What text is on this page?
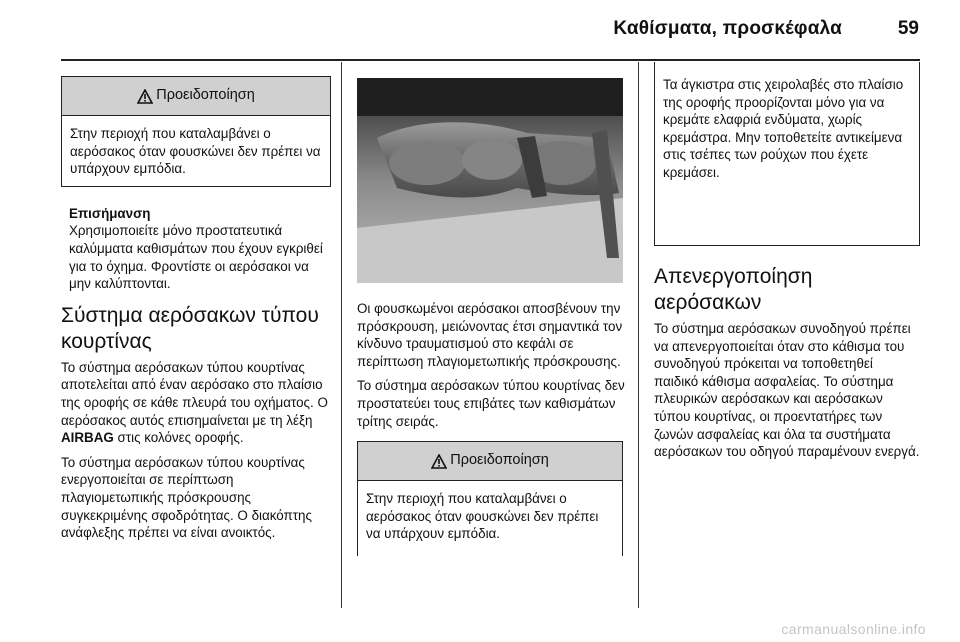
Καθίσματα, προσκέφαλα	59
Προειδοποίηση
Στην περιοχή που καταλαμβάνει ο αερόσακος όταν φουσκώνει δεν πρέπει να υπάρχουν εμπόδια.

Επισήμανση

Χρησιμοποιείτε μόνο προστατευτικά καλύμματα καθισμάτων που έχουν εγκριθεί για το όχημα. Φροντίστε οι αερόσακοι να μην καλύπτονται.

Σύστημα αερόσακων τύπου κουρτίνας

Το σύστημα αερόσακων τύπου κουρτίνας αποτελείται από έναν αερόσακο στο πλαίσιο της οροφής σε κάθε πλευρά του οχήματος. Ο αερόσακος αυτός επισημαίνεται με τη λέξη AIRBAG στις κολόνες οροφής.

Το σύστημα αερόσακων τύπου κουρτίνας ενεργοποιείται σε περίπτωση πλαγιομετωπικής πρόσκρουσης συγκεκριμένης σφοδρότητας. Ο διακόπτης ανάφλεξης πρέπει να είναι ανοικτός.

Οι φουσκωμένοι αερόσακοι αποσβένουν την πρόσκρουση, μειώνοντας έτσι σημαντικά τον κίνδυνο τραυματισμού στο κεφάλι σε περίπτωση πλαγιομετωπικής πρόσκρουσης.

Το σύστημα αερόσακων τύπου κουρτίνας δεν προστατεύει τους επιβάτες των καθισμάτων τρίτης σειράς.

Προειδοποίηση
Στην περιοχή που καταλαμβάνει ο αερόσακος όταν φουσκώνει δεν πρέπει να υπάρχουν εμπόδια.
Τα άγκιστρα στις χειρολαβές στο πλαίσιο της οροφής προορίζονται μόνο για να κρεμάτε ελαφριά ενδύματα, χωρίς κρεμάστρα. Μην τοποθετείτε αντικείμενα στις τσέπες των ρούχων που έχετε κρεμάσει.
Απενεργοποίηση αερόσακων

Το σύστημα αερόσακων συνοδηγού πρέπει να απενεργοποιείται όταν στο κάθισμα του συνοδηγού πρόκειται να τοποθετηθεί παιδικό κάθισμα ασφαλείας. Το σύστημα πλευρικών αερόσακων και αερόσακων τύπου κουρτίνας, οι προεντατήρες των ζωνών ασφαλείας και όλα τα συστήματα αερόσακων του οδηγού παραμένουν ενεργά.

carmanualsonline.info
